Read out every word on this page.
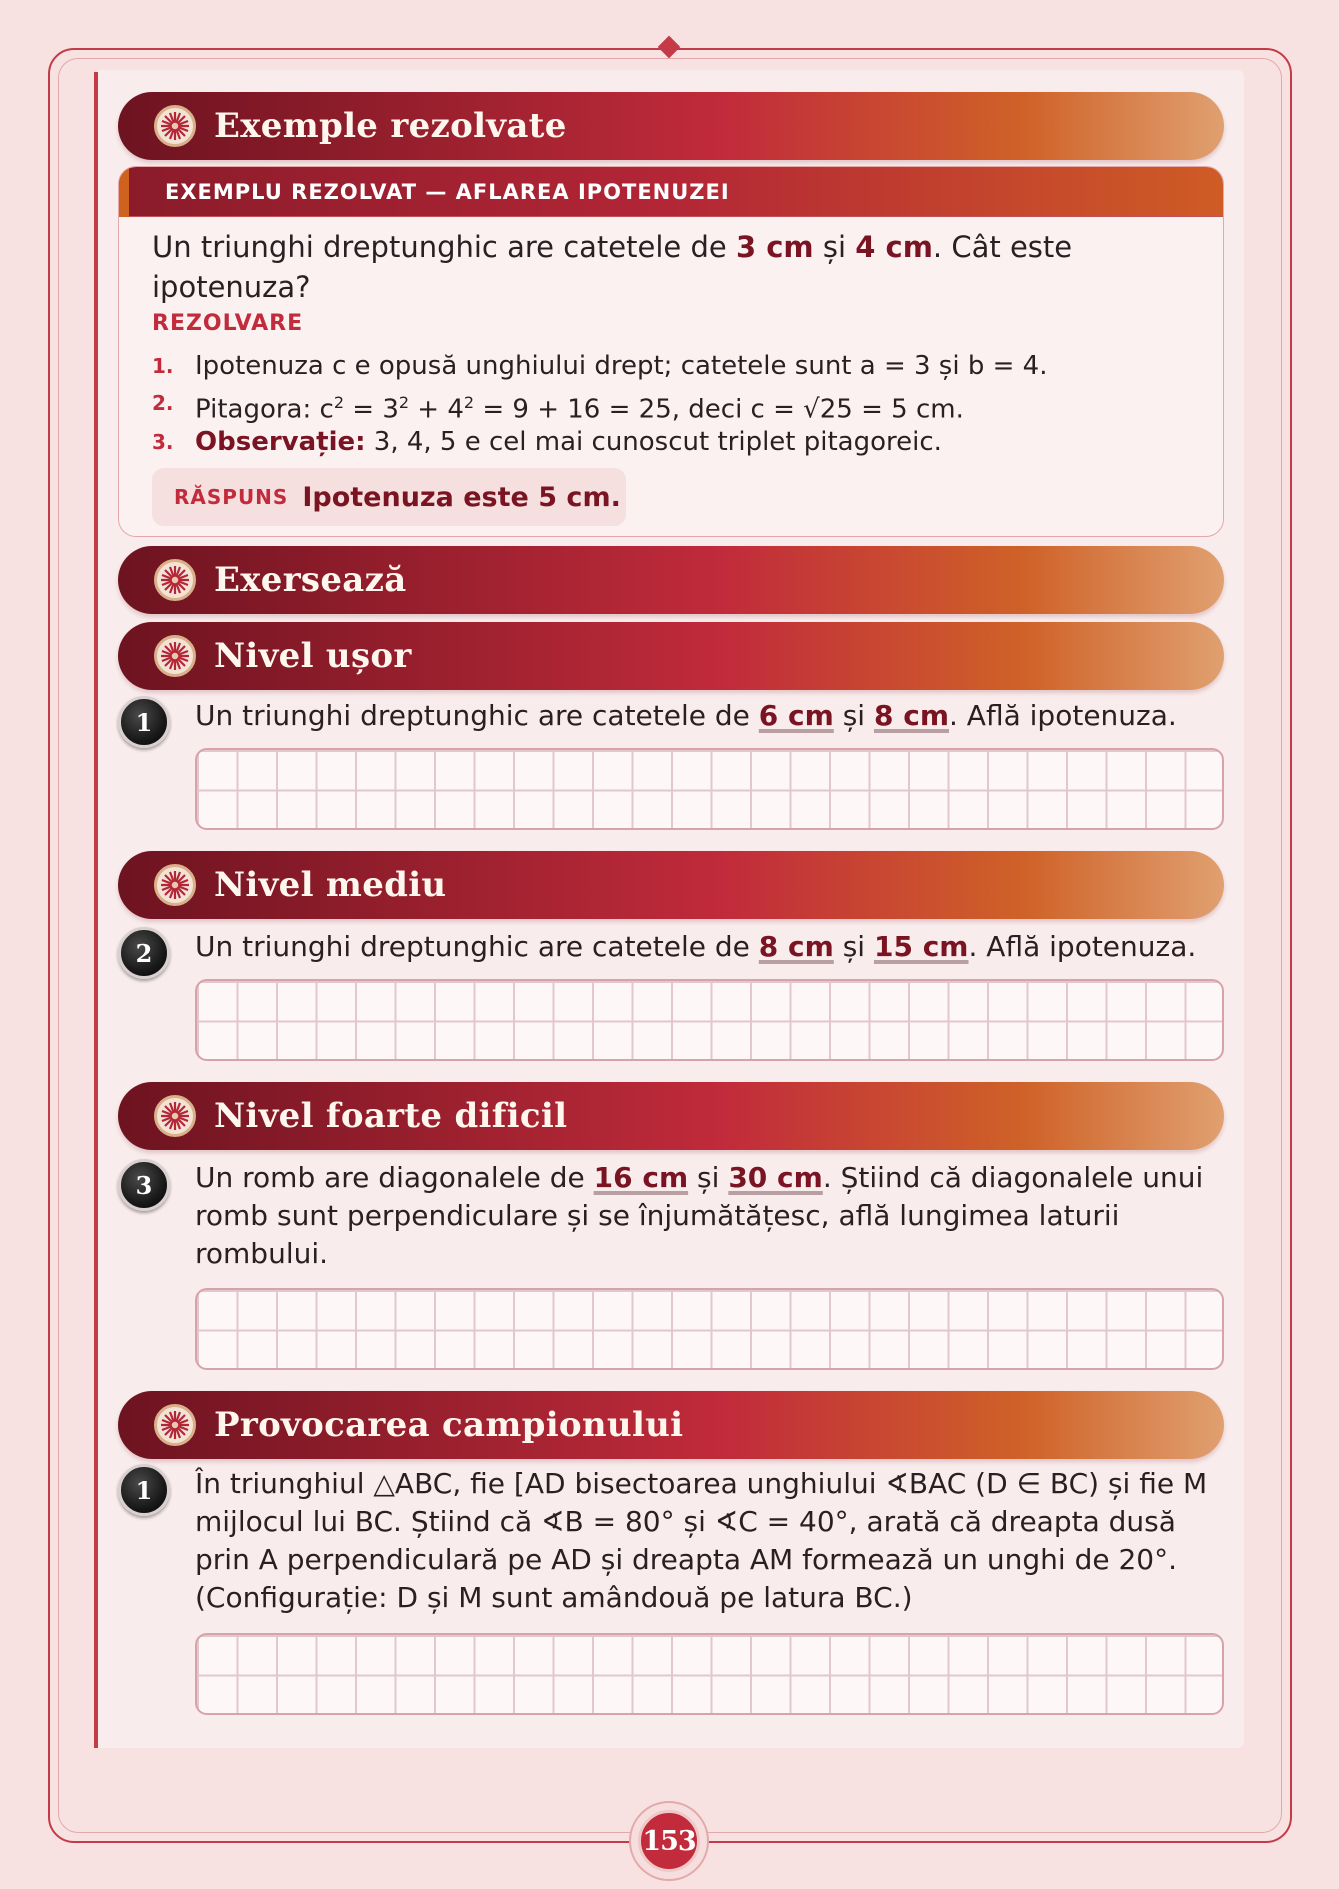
Exemple rezolvate
EXEMPLU REZOLVAT — AFLAREA IPOTENUZEI
Un triunghi dreptunghic are catetele de 3 cm și 4 cm. Cât este ipotenuza?
REZOLVARE
1. Ipotenuza c e opusă unghiului drept; catetele sunt a = 3 și b = 4.
2. Pitagora: $c^2 = 3^2 + 4^2 = 9 + 16 = 25$, deci c = √25 = 5 cm.
3. Observație: 3, 4, 5 e cel mai cunoscut triplet pitagoreic.
RĂSPUNS Ipotenuza este 5 cm.
Exersează
Nivel ușor
1	Un triunghi dreptunghic are catetele de 6 cm și 8 cm. Află ipotenuza.
Nivel mediu
2	Un triunghi dreptunghic are catetele de 8 cm și 15 cm. Află ipotenuza.
Nivel foarte dificil
3	Un romb are diagonalele de 16 cm și 30 cm. Știind că diagonalele unui romb sunt perpendiculare și se înjumătățesc, află lungimea laturii rombului.
Provocarea campionului
1	În triunghiul △ABC, fie [AD bisectoarea unghiului ∢BAC (D ∈ BC) și fie M mijlocul lui BC. Știind că ∢B = 80° și ∢C = 40°, arată că dreapta dusă prin A perpendiculară pe AD și dreapta AM formează un unghi de 20°. (Configurație: D și M sunt amândouă pe latura BC.)
153
